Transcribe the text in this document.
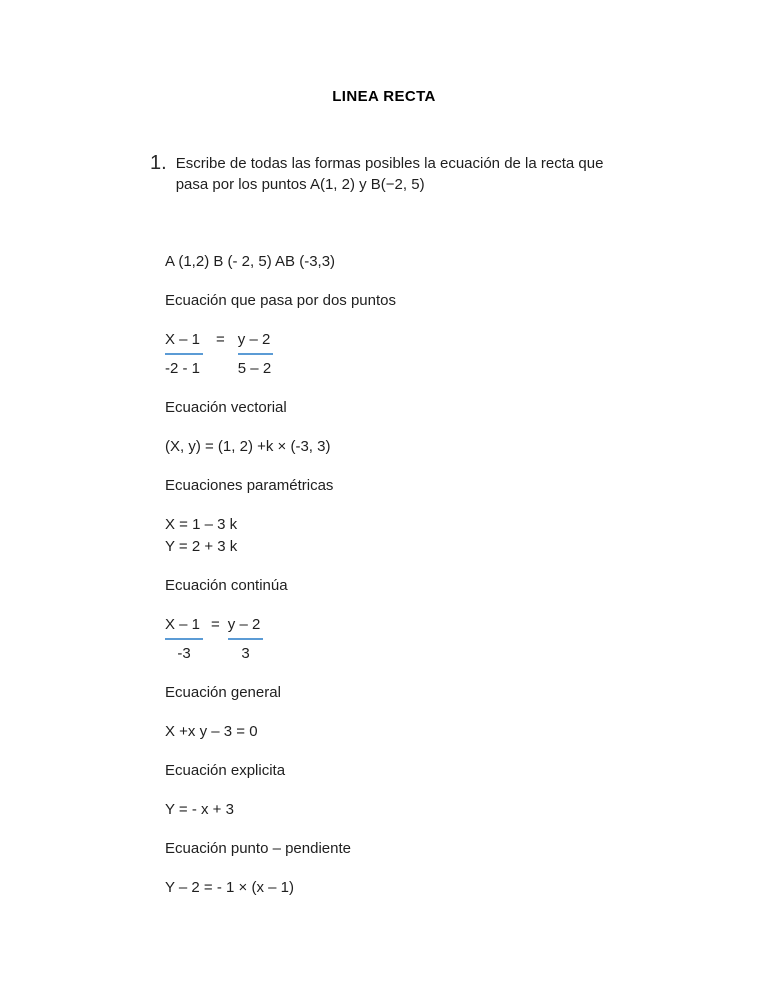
LINEA RECTA
1. Escribe de todas las formas posibles la ecuación de la recta que pasa por los puntos A(1, 2) y B(−2, 5)
A (1,2) B (- 2, 5) AB (-3,3)
Ecuación que pasa por dos puntos
$\frac{X - 1}{-2 - 1} = \frac{y - 2}{5 - 2}$
Ecuación vectorial
(X, y) = (1, 2) +k × (-3, 3)
Ecuaciones paramétricas
X = 1 – 3 k
Y = 2 + 3 k
Ecuación continúa
$\frac{X - 1}{-3} = \frac{y - 2}{3}$
Ecuación general
X +x y – 3 = 0
Ecuación explicita
Y = - x + 3
Ecuación punto – pendiente
Y – 2 = - 1 × (x – 1)
